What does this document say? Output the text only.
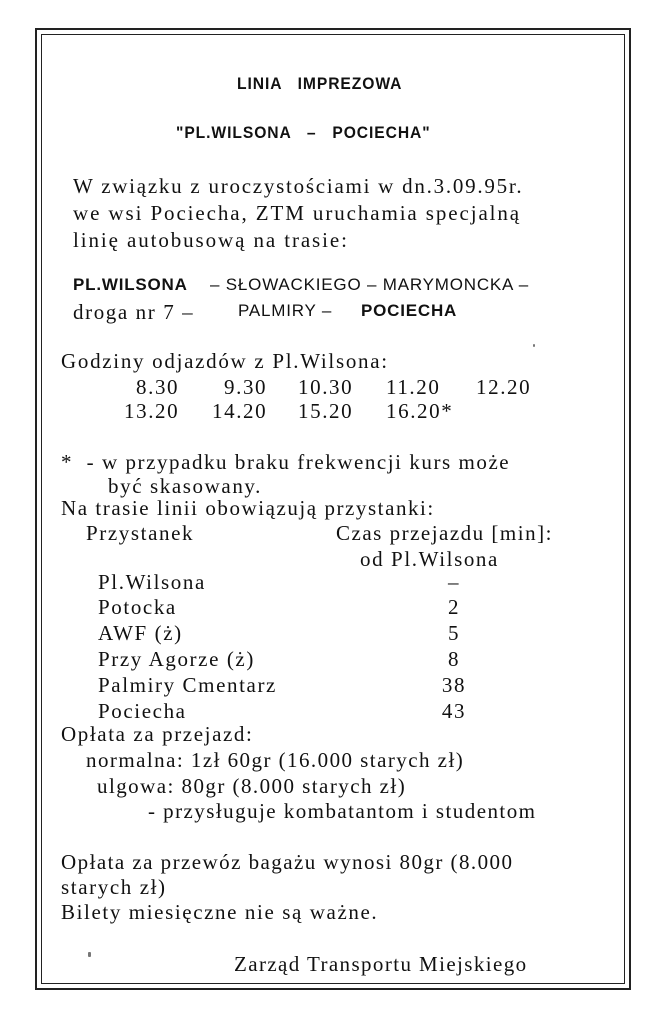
LINIA   IMPREZOWA
"PL.WILSONA   –   POCIECHA"
W związku z uroczystościami w dn.3.09.95r.
we wsi Pociecha, ZTM uruchamia specjalną
linię autobusową na trasie:
PL.WILSONA – SŁOWACKIEGO – MARYMONCKA –
droga nr 7 –	PALMIRY – POCIECHA
Godziny odjazdów z Pl.Wilsona:
8.30 9.30 10.30 11.20 12.20
13.20 14.20 15.20 16.20*
*  - w przypadku braku frekwencji kurs może
być skasowany.
Na trasie linii obowiązują przystanki:
Przystanek	Czas przejazdu [min]:
od Pl.Wilsona
Pl.Wilsona	–
Potocka	2
AWF (ż)	5
Przy Agorze (ż)	8
Palmiry Cmentarz	38
Pociecha	43
Opłata za przejazd:
normalna: 1zł 60gr (16.000 starych zł)
ulgowa: 80gr (8.000 starych zł)
- przysługuje kombatantom i studentom
Opłata za przewóz bagażu wynosi 80gr (8.000
starych zł)
Bilety miesięczne nie są ważne.
Zarząd Transportu Miejskiego
